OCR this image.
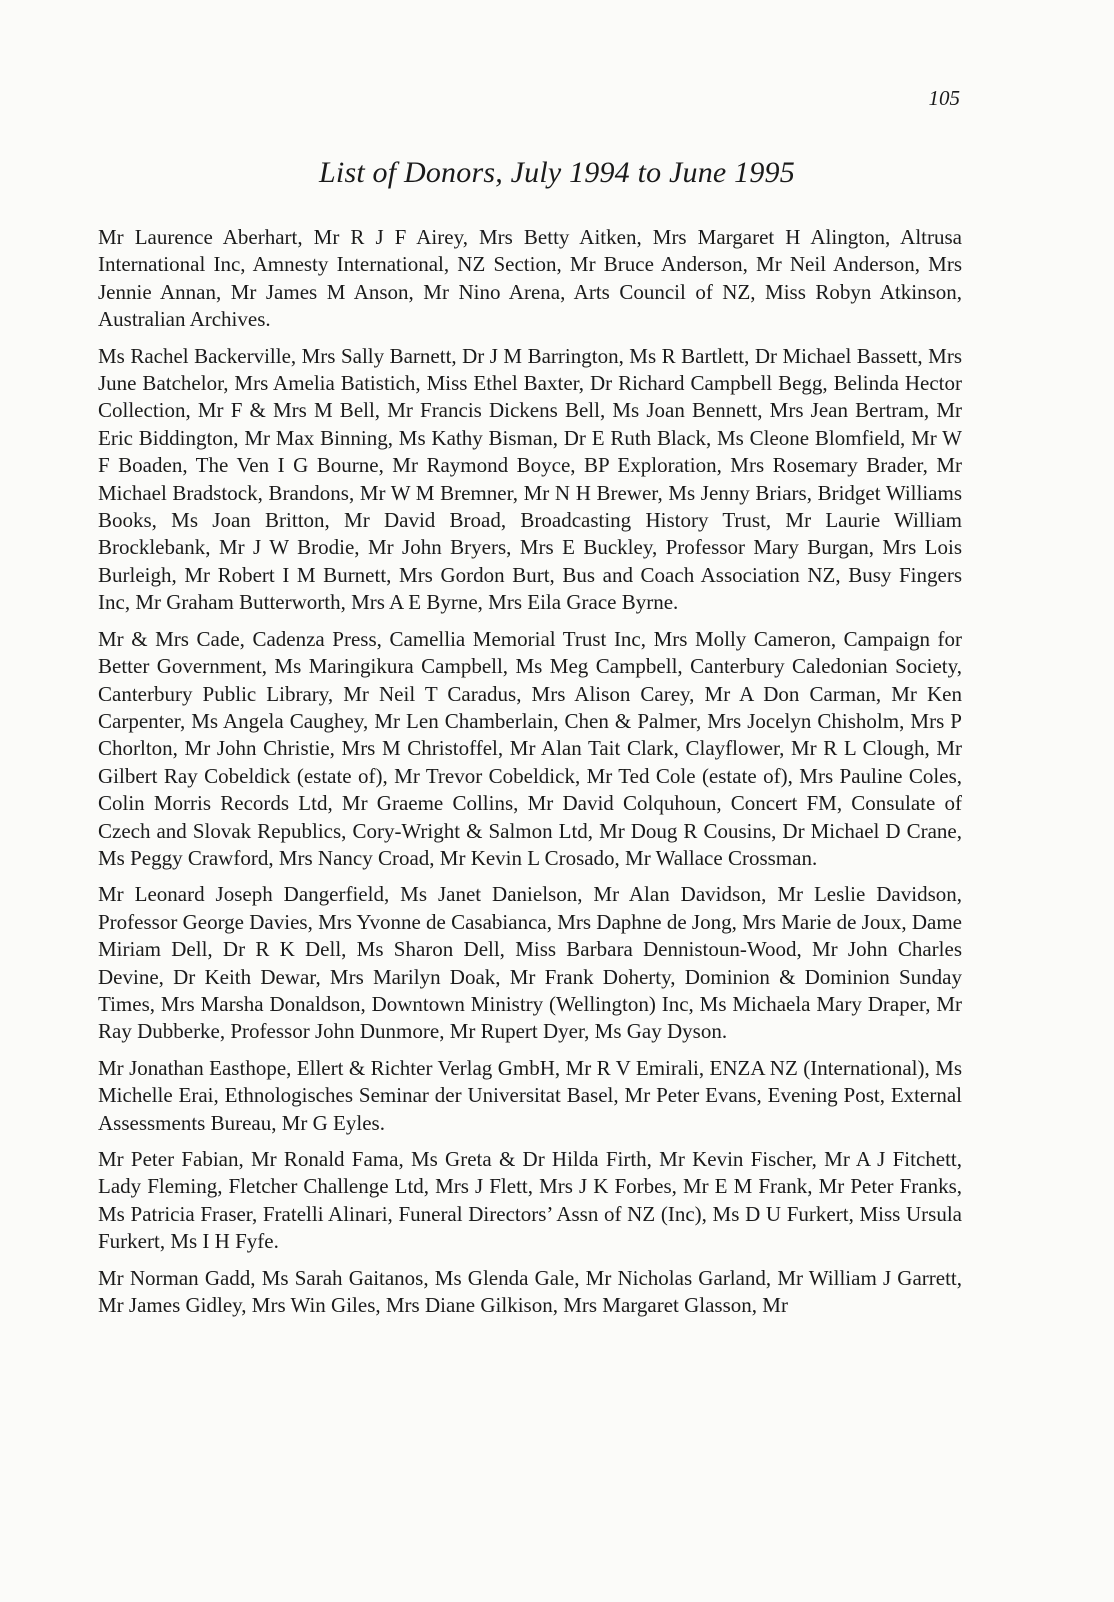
105

List of Donors, July 1994 to June 1995

Mr Laurence Aberhart, Mr R J F Airey, Mrs Betty Aitken, Mrs Margaret H Alington, Altrusa International Inc, Amnesty International, NZ Section, Mr Bruce Anderson, Mr Neil Anderson, Mrs Jennie Annan, Mr James M Anson, Mr Nino Arena, Arts Council of NZ, Miss Robyn Atkinson, Australian Archives.

Ms Rachel Backerville, Mrs Sally Barnett, Dr J M Barrington, Ms R Bartlett, Dr Michael Bassett, Mrs June Batchelor, Mrs Amelia Batistich, Miss Ethel Baxter, Dr Richard Campbell Begg, Belinda Hector Collection, Mr F & Mrs M Bell, Mr Francis Dickens Bell, Ms Joan Bennett, Mrs Jean Bertram, Mr Eric Biddington, Mr Max Binning, Ms Kathy Bisman, Dr E Ruth Black, Ms Cleone Blomfield, Mr W F Boaden, The Ven I G Bourne, Mr Raymond Boyce, BP Exploration, Mrs Rosemary Brader, Mr Michael Bradstock, Brandons, Mr W M Bremner, Mr N H Brewer, Ms Jenny Briars, Bridget Williams Books, Ms Joan Britton, Mr David Broad, Broadcasting History Trust, Mr Laurie William Brocklebank, Mr J W Brodie, Mr John Bryers, Mrs E Buckley, Professor Mary Burgan, Mrs Lois Burleigh, Mr Robert I M Burnett, Mrs Gordon Burt, Bus and Coach Association NZ, Busy Fingers Inc, Mr Graham Butterworth, Mrs A E Byrne, Mrs Eila Grace Byrne.

Mr & Mrs Cade, Cadenza Press, Camellia Memorial Trust Inc, Mrs Molly Cameron, Campaign for Better Government, Ms Maringikura Campbell, Ms Meg Campbell, Canterbury Caledonian Society, Canterbury Public Library, Mr Neil T Caradus, Mrs Alison Carey, Mr A Don Carman, Mr Ken Carpenter, Ms Angela Caughey, Mr Len Chamberlain, Chen & Palmer, Mrs Jocelyn Chisholm, Mrs P Chorlton, Mr John Christie, Mrs M Christoffel, Mr Alan Tait Clark, Clayflower, Mr R L Clough, Mr Gilbert Ray Cobeldick (estate of), Mr Trevor Cobeldick, Mr Ted Cole (estate of), Mrs Pauline Coles, Colin Morris Records Ltd, Mr Graeme Collins, Mr David Colquhoun, Concert FM, Consulate of Czech and Slovak Republics, Cory-Wright & Salmon Ltd, Mr Doug R Cousins, Dr Michael D Crane, Ms Peggy Crawford, Mrs Nancy Croad, Mr Kevin L Crosado, Mr Wallace Crossman.

Mr Leonard Joseph Dangerfield, Ms Janet Danielson, Mr Alan Davidson, Mr Leslie Davidson, Professor George Davies, Mrs Yvonne de Casabianca, Mrs Daphne de Jong, Mrs Marie de Joux, Dame Miriam Dell, Dr R K Dell, Ms Sharon Dell, Miss Barbara Dennistoun-Wood, Mr John Charles Devine, Dr Keith Dewar, Mrs Marilyn Doak, Mr Frank Doherty, Dominion & Dominion Sunday Times, Mrs Marsha Donaldson, Downtown Ministry (Wellington) Inc, Ms Michaela Mary Draper, Mr Ray Dubberke, Professor John Dunmore, Mr Rupert Dyer, Ms Gay Dyson.

Mr Jonathan Easthope, Ellert & Richter Verlag GmbH, Mr R V Emirali, ENZA NZ (International), Ms Michelle Erai, Ethnologisches Seminar der Universitat Basel, Mr Peter Evans, Evening Post, External Assessments Bureau, Mr G Eyles.

Mr Peter Fabian, Mr Ronald Fama, Ms Greta & Dr Hilda Firth, Mr Kevin Fischer, Mr A J Fitchett, Lady Fleming, Fletcher Challenge Ltd, Mrs J Flett, Mrs J K Forbes, Mr E M Frank, Mr Peter Franks, Ms Patricia Fraser, Fratelli Alinari, Funeral Directors’ Assn of NZ (Inc), Ms D U Furkert, Miss Ursula Furkert, Ms I H Fyfe.

Mr Norman Gadd, Ms Sarah Gaitanos, Ms Glenda Gale, Mr Nicholas Garland, Mr William J Garrett, Mr James Gidley, Mrs Win Giles, Mrs Diane Gilkison, Mrs Margaret Glasson, Mr
